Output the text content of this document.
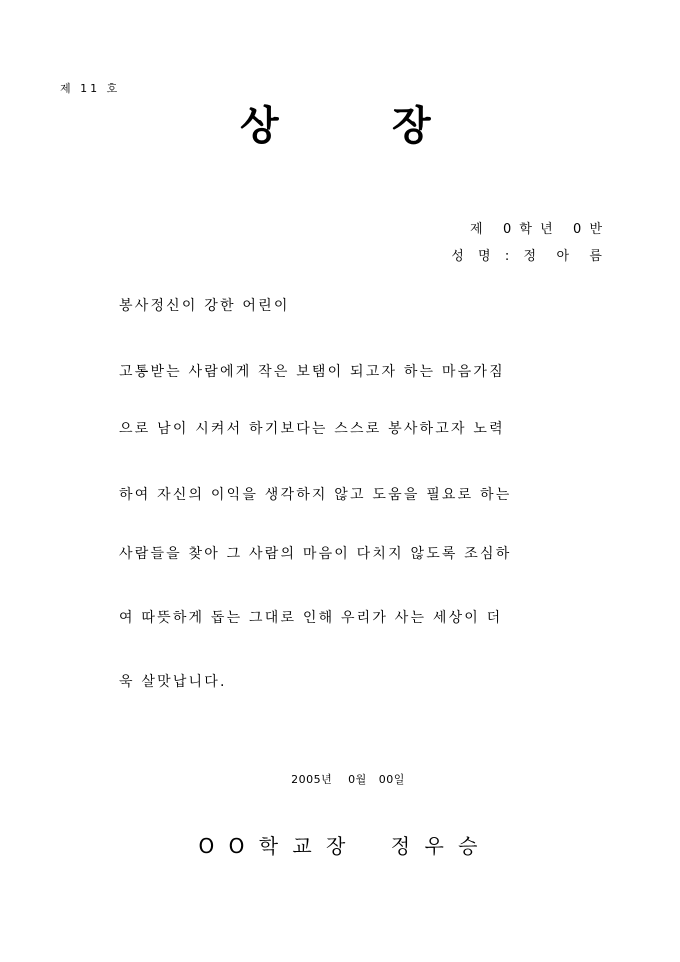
제 11 호
상	장
제   0 학 년   0 반
성  명  :  정   아   름
봉사정신이 강한 어린이
고통받는 사람에게 작은 보탬이 되고자 하는 마음가짐
으로 남이 시켜서 하기보다는 스스로 봉사하고자 노력
하여 자신의 이익을 생각하지 않고 도움을 필요로 하는
사람들을 찾아 그 사람의 마음이 다치지 않도록 조심하
여 따뜻하게 돕는 그대로 인해 우리가 사는 세상이 더
욱 살맛납니다.

2005년    0월   00일

O O 학 교 장    정 우 승
